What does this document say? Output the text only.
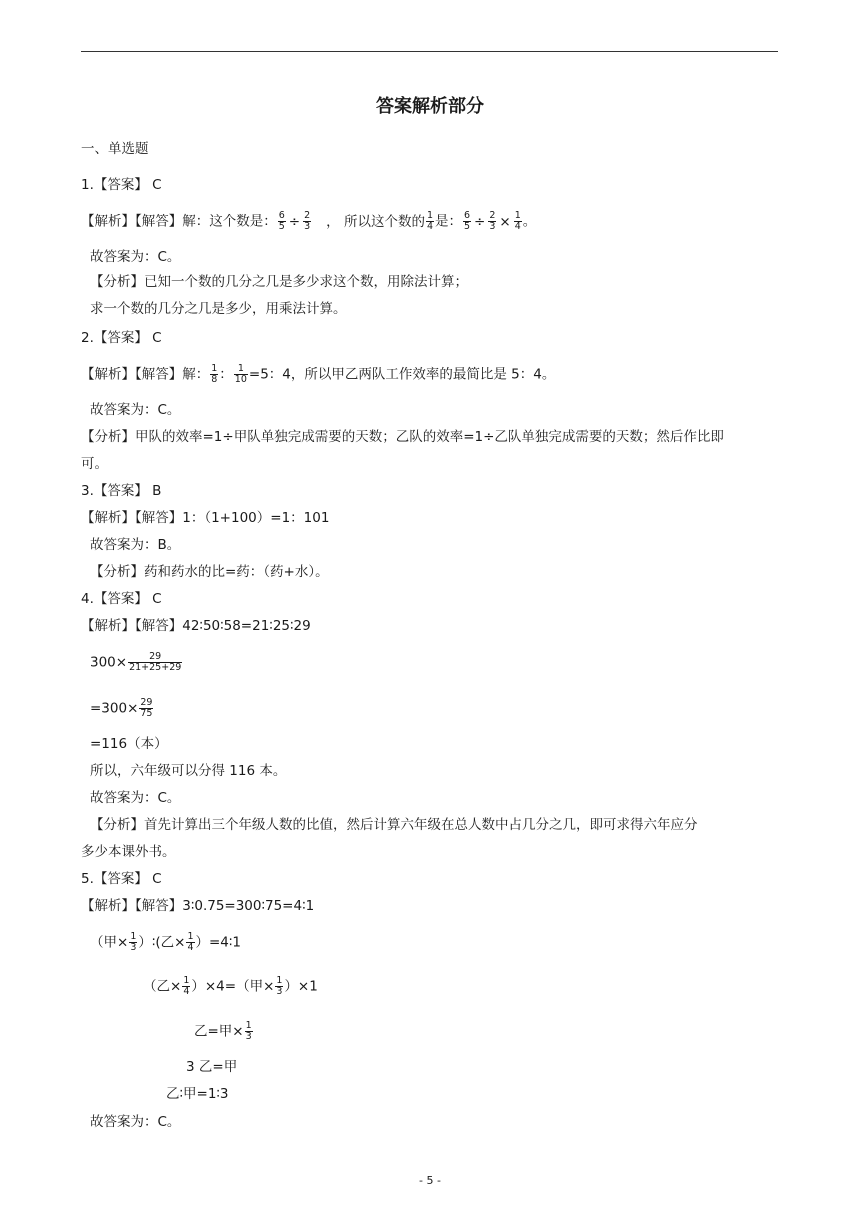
答案解析部分
一、单选题
1.【答案】 C
【解析】【解答】解：这个数是： $\frac{6}{5} \div \frac{2}{3}$ ， 所以这个数的 $\frac{1}{4}$ 是： $\frac{6}{5} \div \frac{2}{3} \times \frac{1}{4}$ 。
故答案为：C。
【分析】已知一个数的几分之几是多少求这个数，用除法计算；
求一个数的几分之几是多少，用乘法计算。
2.【答案】 C
【解析】【解答】解： $\frac{1}{8}$ ： $\frac{1}{10} =5$：4，所以甲乙两队工作效率的最简比是 5：4。
故答案为：C。
【分析】甲队的效率=1÷甲队单独完成需要的天数；乙队的效率=1÷乙队单独完成需要的天数；然后作比即
可。
3.【答案】 B
【解析】【解答】1：（1+100）=1：101
故答案为：B。
【分析】药和药水的比=药：（药+水）。
4.【答案】 C
【解析】【解答】42∶50∶58=21∶25∶29
$300\times \frac{29}{21+25+29}$
$=300\times \frac{29}{75}$
=116（本）
所以，六年级可以分得 116 本。
故答案为：C。
【分析】首先计算出三个年级人数的比值，然后计算六年级在总人数中占几分之几，即可求得六年应分
多少本课外书。
5.【答案】 C
【解析】【解答】3∶0.75=300∶75=4∶1
（甲× $\frac{1}{3}$ ）∶(乙× $\frac{1}{4}$ ）=4∶1
（乙× $\frac{1}{4} )\times 4=$（甲× $\frac{1}{3} )\times 1$
乙=甲× $\frac{1}{3}$
3 乙=甲
乙∶甲=1∶3
故答案为：C。
- 5 -
